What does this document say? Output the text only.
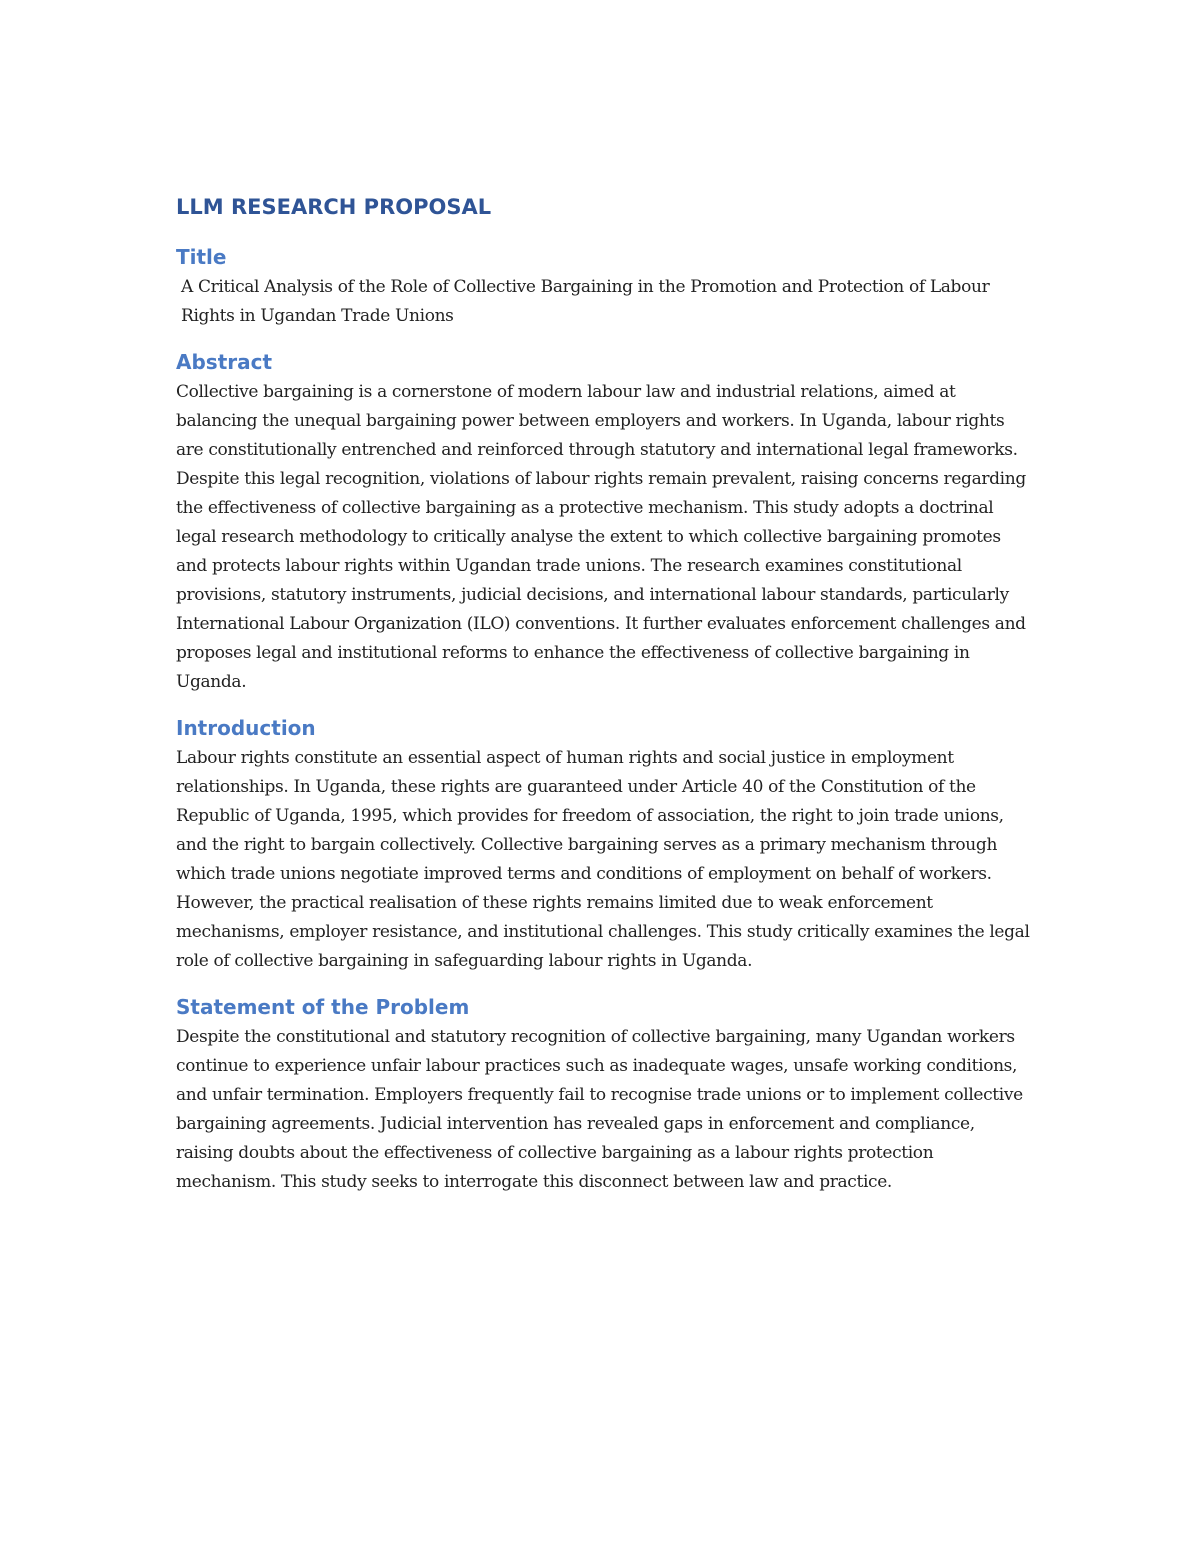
LLM RESEARCH PROPOSAL
Title

A Critical Analysis of the Role of Collective Bargaining in the Promotion and Protection of Labour Rights in Ugandan Trade Unions

Abstract

Collective bargaining is a cornerstone of modern labour law and industrial relations, aimed at balancing the unequal bargaining power between employers and workers. In Uganda, labour rights are constitutionally entrenched and reinforced through statutory and international legal frameworks. Despite this legal recognition, violations of labour rights remain prevalent, raising concerns regarding the effectiveness of collective bargaining as a protective mechanism. This study adopts a doctrinal legal research methodology to critically analyse the extent to which collective bargaining promotes and protects labour rights within Ugandan trade unions. The research examines constitutional provisions, statutory instruments, judicial decisions, and international labour standards, particularly International Labour Organization (ILO) conventions. It further evaluates enforcement challenges and proposes legal and institutional reforms to enhance the effectiveness of collective bargaining in Uganda.

Introduction

Labour rights constitute an essential aspect of human rights and social justice in employment relationships. In Uganda, these rights are guaranteed under Article 40 of the Constitution of the Republic of Uganda, 1995, which provides for freedom of association, the right to join trade unions, and the right to bargain collectively. Collective bargaining serves as a primary mechanism through which trade unions negotiate improved terms and conditions of employment on behalf of workers. However, the practical realisation of these rights remains limited due to weak enforcement mechanisms, employer resistance, and institutional challenges. This study critically examines the legal role of collective bargaining in safeguarding labour rights in Uganda.

Statement of the Problem

Despite the constitutional and statutory recognition of collective bargaining, many Ugandan workers continue to experience unfair labour practices such as inadequate wages, unsafe working conditions, and unfair termination. Employers frequently fail to recognise trade unions or to implement collective bargaining agreements. Judicial intervention has revealed gaps in enforcement and compliance, raising doubts about the effectiveness of collective bargaining as a labour rights protection mechanism. This study seeks to interrogate this disconnect between law and practice.
